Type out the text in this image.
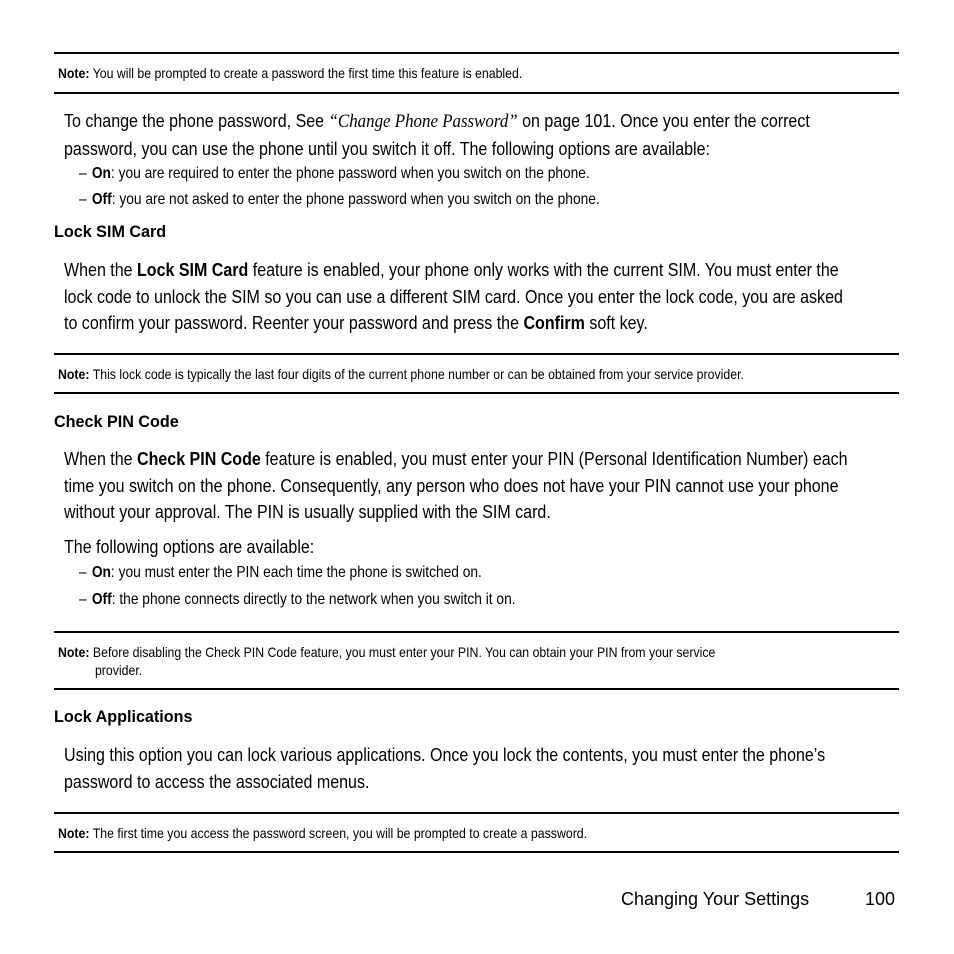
Note: You will be prompted to create a password the first time this feature is enabled.
To change the phone password, See “Change Phone Password” on page 101. Once you enter the correct
password, you can use the phone until you switch it off. The following options are available:
– On: you are required to enter the phone password when you switch on the phone.
– Off: you are not asked to enter the phone password when you switch on the phone.
Lock SIM Card
When the Lock SIM Card feature is enabled, your phone only works with the current SIM. You must enter the
lock code to unlock the SIM so you can use a different SIM card. Once you enter the lock code, you are asked
to confirm your password. Reenter your password and press the Confirm soft key.
Note: This lock code is typically the last four digits of the current phone number or can be obtained from your service provider.
Check PIN Code
When the Check PIN Code feature is enabled, you must enter your PIN (Personal Identification Number) each
time you switch on the phone. Consequently, any person who does not have your PIN cannot use your phone
without your approval. The PIN is usually supplied with the SIM card.
The following options are available:
– On: you must enter the PIN each time the phone is switched on.
– Off: the phone connects directly to the network when you switch it on.
Note: Before disabling the Check PIN Code feature, you must enter your PIN. You can obtain your PIN from your service
provider.
Lock Applications
Using this option you can lock various applications. Once you lock the contents, you must enter the phone’s
password to access the associated menus.
Note: The first time you access the password screen, you will be prompted to create a password.
Changing Your Settings	100
